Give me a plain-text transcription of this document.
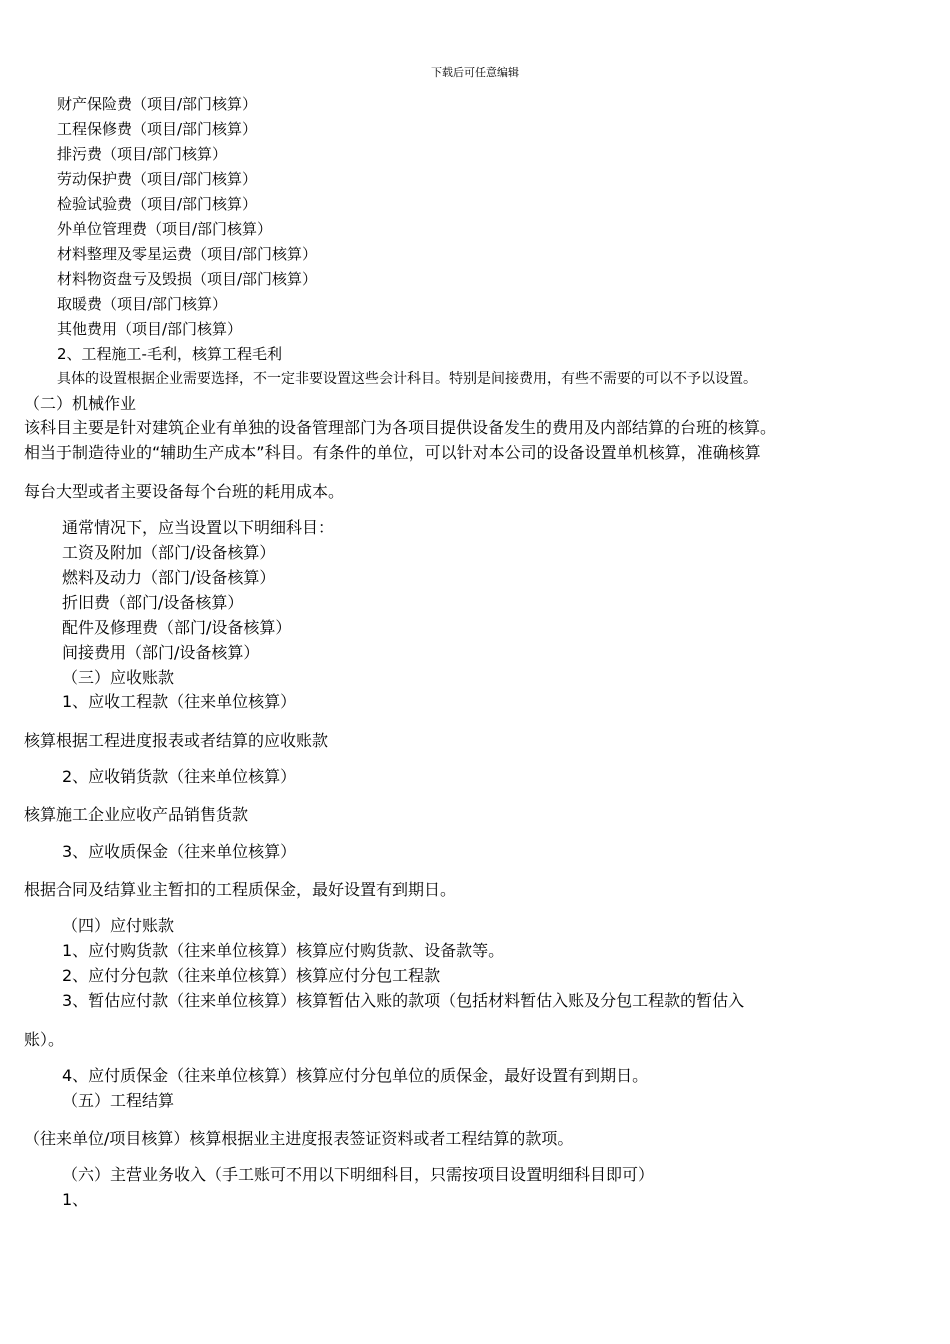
下载后可任意编辑
财产保险费（项目/部门核算）
工程保修费（项目/部门核算）
排污费（项目/部门核算）
劳动保护费（项目/部门核算）
检验试验费（项目/部门核算）
外单位管理费（项目/部门核算）
材料整理及零星运费（项目/部门核算）
材料物资盘亏及毁损（项目/部门核算）
取暖费（项目/部门核算）
其他费用（项目/部门核算）
2、工程施工-毛利，核算工程毛利
具体的设置根据企业需要选择，不一定非要设置这些会计科目。特别是间接费用，有些不需要的可以不予以设置。
（二）机械作业
该科目主要是针对建筑企业有单独的设备管理部门为各项目提供设备发生的费用及内部结算的台班的核算。
相当于制造待业的“辅助生产成本”科目。有条件的单位，可以针对本公司的设备设置单机核算，准确核算
每台大型或者主要设备每个台班的耗用成本。
通常情况下，应当设置以下明细科目：
工资及附加（部门/设备核算）
燃料及动力（部门/设备核算）
折旧费（部门/设备核算）
配件及修理费（部门/设备核算）
间接费用（部门/设备核算）
（三）应收账款
1、应收工程款（往来单位核算）
核算根据工程进度报表或者结算的应收账款
2、应收销货款（往来单位核算）
核算施工企业应收产品销售货款
3、应收质保金（往来单位核算）
根据合同及结算业主暂扣的工程质保金，最好设置有到期日。
（四）应付账款
1、应付购货款（往来单位核算）核算应付购货款、设备款等。
2、应付分包款（往来单位核算）核算应付分包工程款
3、暂估应付款（往来单位核算）核算暂估入账的款项（包括材料暂估入账及分包工程款的暂估入
账）。
4、应付质保金（往来单位核算）核算应付分包单位的质保金，最好设置有到期日。
（五）工程结算
（往来单位/项目核算）核算根据业主进度报表签证资料或者工程结算的款项。
（六）主营业务收入（手工账可不用以下明细科目，只需按项目设置明细科目即可）
1、
